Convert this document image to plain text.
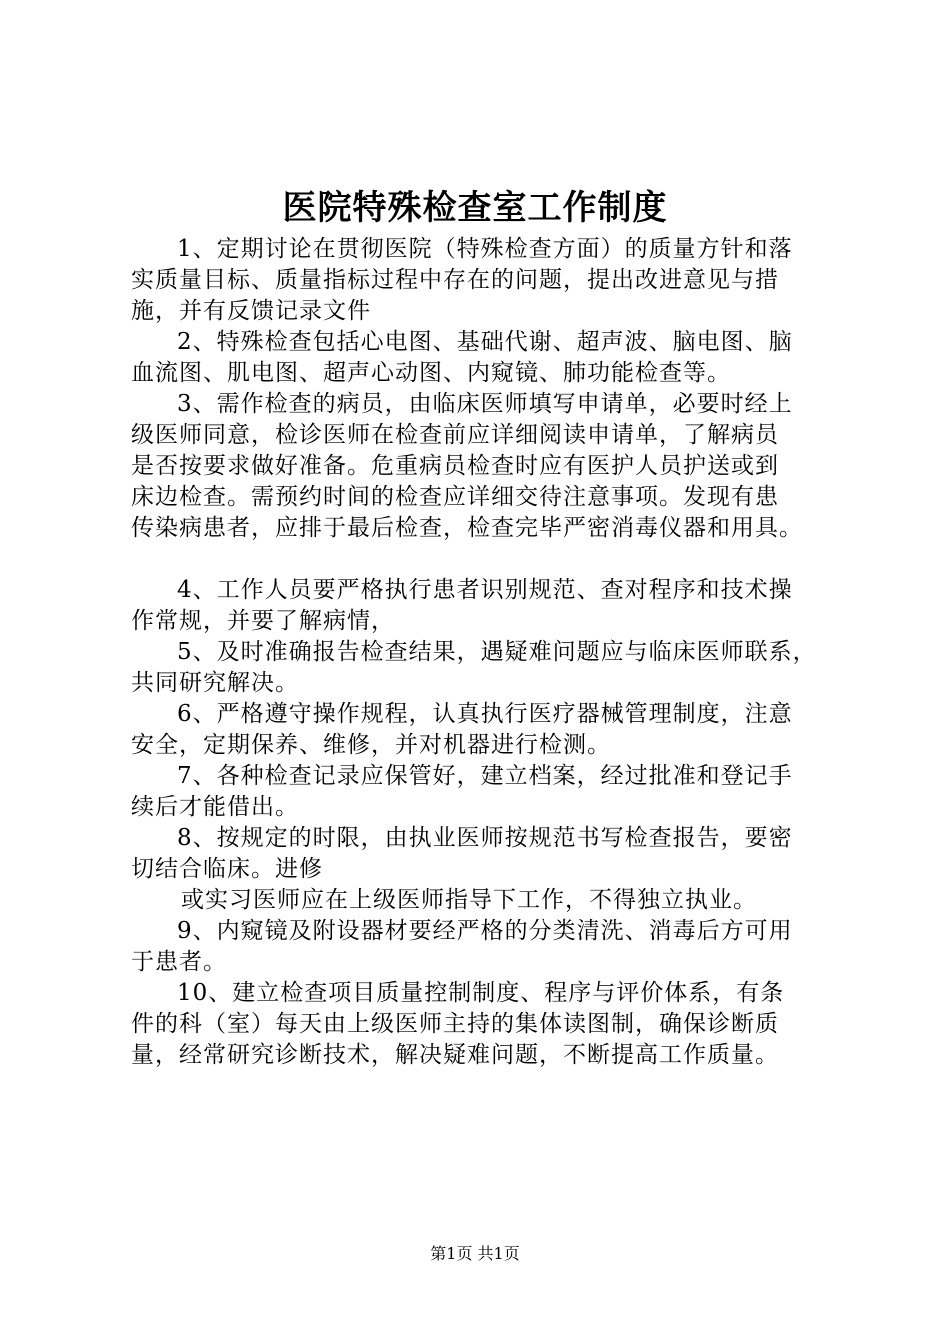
医院特殊检查室工作制度
1、定期讨论在贯彻医院（特殊检查方面）的质量方针和落
实质量目标、质量指标过程中存在的问题，提出改进意见与措
施，并有反馈记录文件
2、特殊检查包括心电图、基础代谢、超声波、脑电图、脑
血流图、肌电图、超声心动图、内窥镜、肺功能检查等。
3、需作检查的病员，由临床医师填写申请单，必要时经上
级医师同意，检诊医师在检查前应详细阅读申请单，了解病员
是否按要求做好准备。危重病员检查时应有医护人员护送或到
床边检查。需预约时间的检查应详细交待注意事项。发现有患
传染病患者，应排于最后检查，检查完毕严密消毒仪器和用具。
4、工作人员要严格执行患者识别规范、查对程序和技术操
作常规，并要了解病情，
5、及时准确报告检查结果，遇疑难问题应与临床医师联系，
共同研究解决。
6、严格遵守操作规程，认真执行医疗器械管理制度，注意
安全，定期保养、维修，并对机器进行检测。
7、各种检查记录应保管好，建立档案，经过批准和登记手
续后才能借出。
8、按规定的时限，由执业医师按规范书写检查报告，要密
切结合临床。进修
或实习医师应在上级医师指导下工作，不得独立执业。
9、内窥镜及附设器材要经严格的分类清洗、消毒后方可用
于患者。
10、建立检查项目质量控制制度、程序与评价体系，有条
件的科（室）每天由上级医师主持的集体读图制，确保诊断质
量，经常研究诊断技术，解决疑难问题，不断提高工作质量。
第1页 共1页
